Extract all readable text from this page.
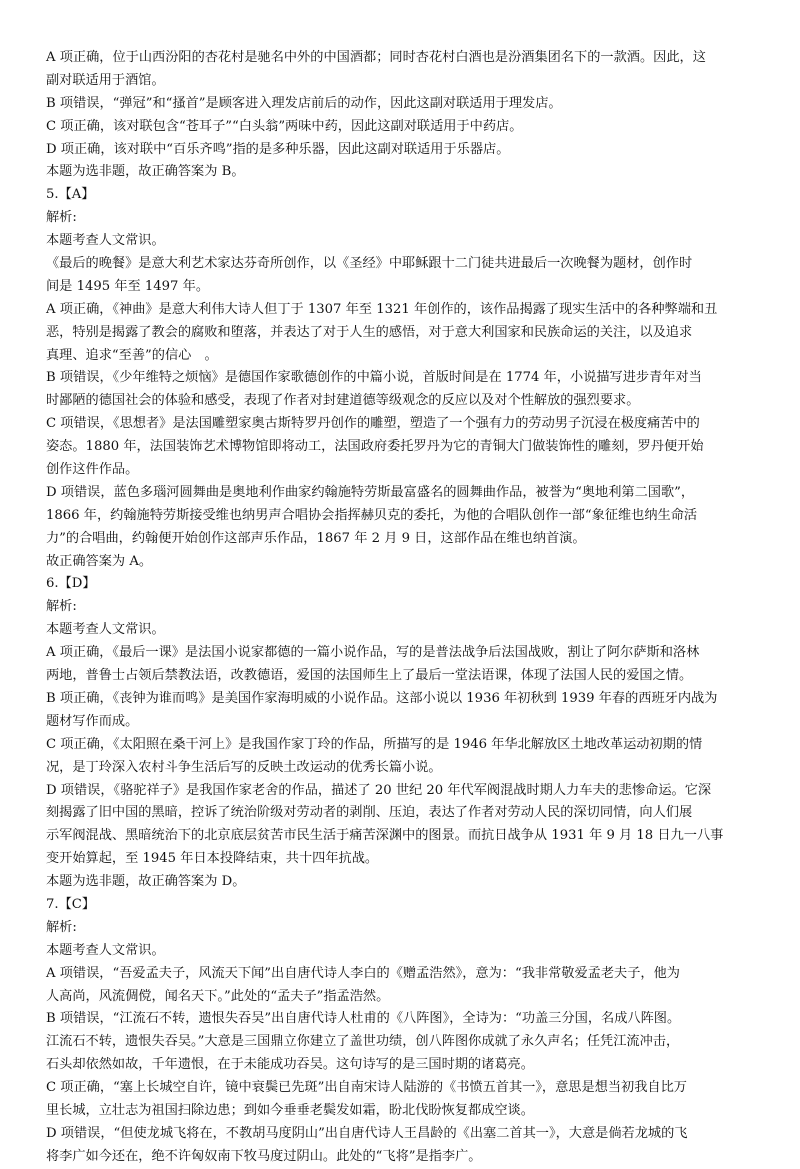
A 项正确，位于山西汾阳的杏花村是驰名中外的中国酒都；同时杏花村白酒也是汾酒集团名下的一款酒。因此，这
副对联适用于酒馆。
B 项错误，“弹冠”和“搔首”是顾客进入理发店前后的动作，因此这副对联适用于理发店。
C 项正确，该对联包含“苍耳子”“白头翁”两味中药，因此这副对联适用于中药店。
D 项正确，该对联中“百乐齐鸣”指的是多种乐器，因此这副对联适用于乐器店。
本题为选非题，故正确答案为 B。
5.【A】
解析:
本题考查人文常识。
《最后的晚餐》是意大利艺术家达芬奇所创作，以《圣经》中耶稣跟十二门徒共进最后一次晚餐为题材，创作时
间是 1495 年至 1497 年。
A 项正确，《神曲》是意大利伟大诗人但丁于 1307 年至 1321 年创作的，该作品揭露了现实生活中的各种弊端和丑
恶，特别是揭露了教会的腐败和堕落，并表达了对于人生的感悟，对于意大利国家和民族命运的关注，以及追求
真理、追求“至善”的信心　。
B 项错误，《少年维特之烦恼》是德国作家歌德创作的中篇小说，首版时间是在 1774 年，小说描写进步青年对当
时鄙陋的德国社会的体验和感受，表现了作者对封建道德等级观念的反应以及对个性解放的强烈要求。
C 项错误，《思想者》是法国雕塑家奥古斯特罗丹创作的雕塑，塑造了一个强有力的劳动男子沉浸在极度痛苦中的
姿态。1880 年，法国装饰艺术博物馆即将动工，法国政府委托罗丹为它的青铜大门做装饰性的雕刻，罗丹便开始
创作这件作品。
D 项错误，蓝色多瑙河圆舞曲是奥地利作曲家约翰施特劳斯最富盛名的圆舞曲作品，被誉为“奥地利第二国歌”，
1866 年，约翰施特劳斯接受维也纳男声合唱协会指挥赫贝克的委托，为他的合唱队创作一部“象征维也纳生命活
力”的合唱曲，约翰便开始创作这部声乐作品，1867 年 2 月 9 日，这部作品在维也纳首演。
故正确答案为 A。
6.【D】
解析:
本题考查人文常识。
A 项正确，《最后一课》是法国小说家都德的一篇小说作品，写的是普法战争后法国战败，割让了阿尔萨斯和洛林
两地，普鲁士占领后禁教法语，改教德语，爱国的法国师生上了最后一堂法语课，体现了法国人民的爱国之情。
B 项正确，《丧钟为谁而鸣》是美国作家海明威的小说作品。这部小说以 1936 年初秋到 1939 年春的西班牙内战为
题材写作而成。
C 项正确，《太阳照在桑干河上》是我国作家丁玲的作品，所描写的是 1946 年华北解放区土地改革运动初期的情
况，是丁玲深入农村斗争生活后写的反映土改运动的优秀长篇小说。
D 项错误，《骆驼祥子》是我国作家老舍的作品，描述了 20 世纪 20 年代军阀混战时期人力车夫的悲惨命运。它深
刻揭露了旧中国的黑暗，控诉了统治阶级对劳动者的剥削、压迫，表达了作者对劳动人民的深切同情，向人们展
示军阀混战、黑暗统治下的北京底层贫苦市民生活于痛苦深渊中的图景。而抗日战争从 1931 年 9 月 18 日九一八事
变开始算起，至 1945 年日本投降结束，共十四年抗战。
本题为选非题，故正确答案为 D。
7.【C】
解析:
本题考查人文常识。
A 项错误，“吾爱孟夫子，风流天下闻”出自唐代诗人李白的《赠孟浩然》，意为：“我非常敬爱孟老夫子，他为
人高尚，风流倜傥，闻名天下。”此处的“孟夫子”指孟浩然。
B 项错误，“江流石不转，遗恨失吞吴”出自唐代诗人杜甫的《八阵图》，全诗为：“功盖三分国，名成八阵图。
江流石不转，遗恨失吞吴。”大意是三国鼎立你建立了盖世功绩，创八阵图你成就了永久声名；任凭江流冲击，
石头却依然如故，千年遗恨，在于未能成功吞吴。这句诗写的是三国时期的诸葛亮。
C 项正确，“塞上长城空自许，镜中衰鬓已先斑”出自南宋诗人陆游的《书愤五首其一》，意思是想当初我自比万
里长城，立壮志为祖国扫除边患；到如今垂垂老鬓发如霜，盼北伐盼恢复都成空谈。
D 项错误，“但使龙城飞将在，不教胡马度阴山”出自唐代诗人王昌龄的《出塞二首其一》，大意是倘若龙城的飞
将李广如今还在，绝不许匈奴南下牧马度过阴山。此处的“飞将”是指李广。
